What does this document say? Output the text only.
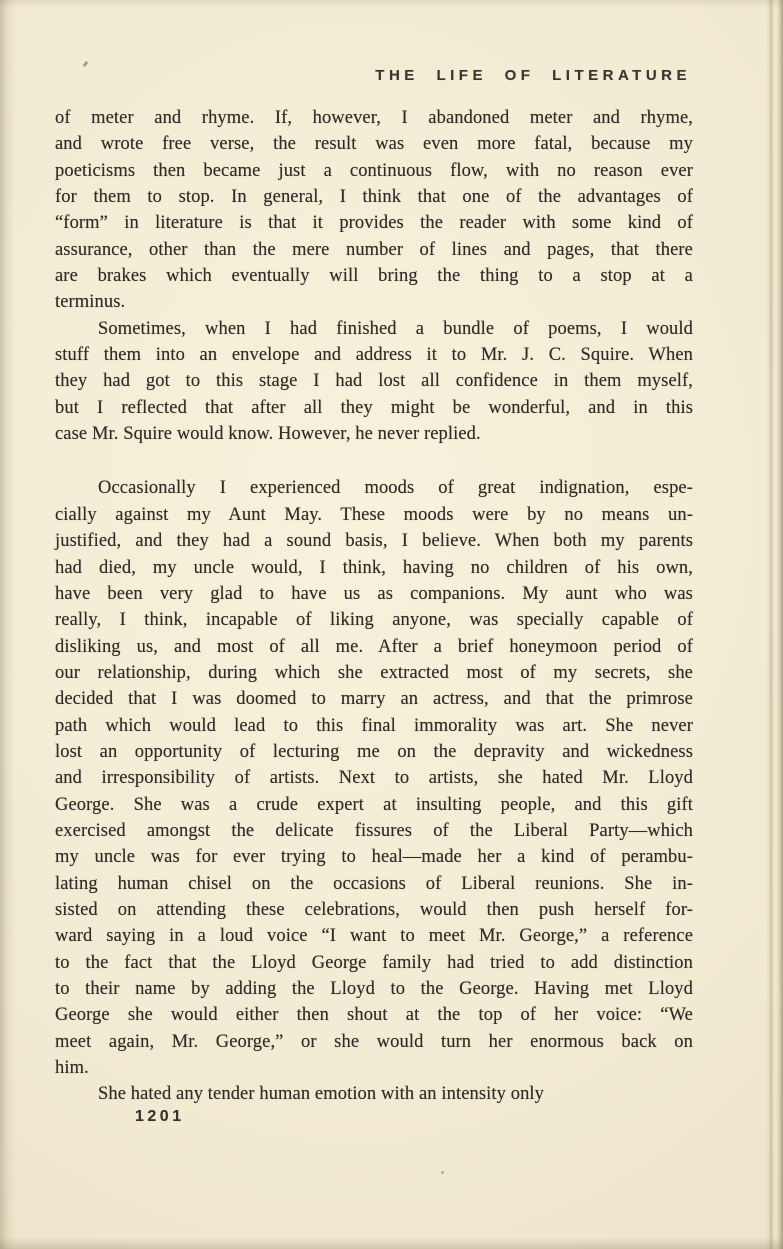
THE LIFE OF LITERATURE
of meter and rhyme. If, however, I abandoned meter and rhyme,
and wrote free verse, the result was even more fatal, because my
poeticisms then became just a continuous flow, with no reason ever
for them to stop. In general, I think that one of the advantages of
“form” in literature is that it provides the reader with some kind of
assurance, other than the mere number of lines and pages, that there
are brakes which eventually will bring the thing to a stop at a
terminus.
Sometimes, when I had finished a bundle of poems, I would
stuff them into an envelope and address it to Mr. J. C. Squire. When
they had got to this stage I had lost all confidence in them myself,
but I reflected that after all they might be wonderful, and in this
case Mr. Squire would know. However, he never replied.
Occasionally I experienced moods of great indignation, espe-
cially against my Aunt May. These moods were by no means un-
justified, and they had a sound basis, I believe. When both my parents
had died, my uncle would, I think, having no children of his own,
have been very glad to have us as companions. My aunt who was
really, I think, incapable of liking anyone, was specially capable of
disliking us, and most of all me. After a brief honeymoon period of
our relationship, during which she extracted most of my secrets, she
decided that I was doomed to marry an actress, and that the primrose
path which would lead to this final immorality was art. She never
lost an opportunity of lecturing me on the depravity and wickedness
and irresponsibility of artists. Next to artists, she hated Mr. Lloyd
George. She was a crude expert at insulting people, and this gift
exercised amongst the delicate fissures of the Liberal Party—which
my uncle was for ever trying to heal—made her a kind of perambu-
lating human chisel on the occasions of Liberal reunions. She in-
sisted on attending these celebrations, would then push herself for-
ward saying in a loud voice “I want to meet Mr. George,” a reference
to the fact that the Lloyd George family had tried to add distinction
to their name by adding the Lloyd to the George. Having met Lloyd
George she would either then shout at the top of her voice: “We
meet again, Mr. George,” or she would turn her enormous back on
him.
She hated any tender human emotion with an intensity only
1201
